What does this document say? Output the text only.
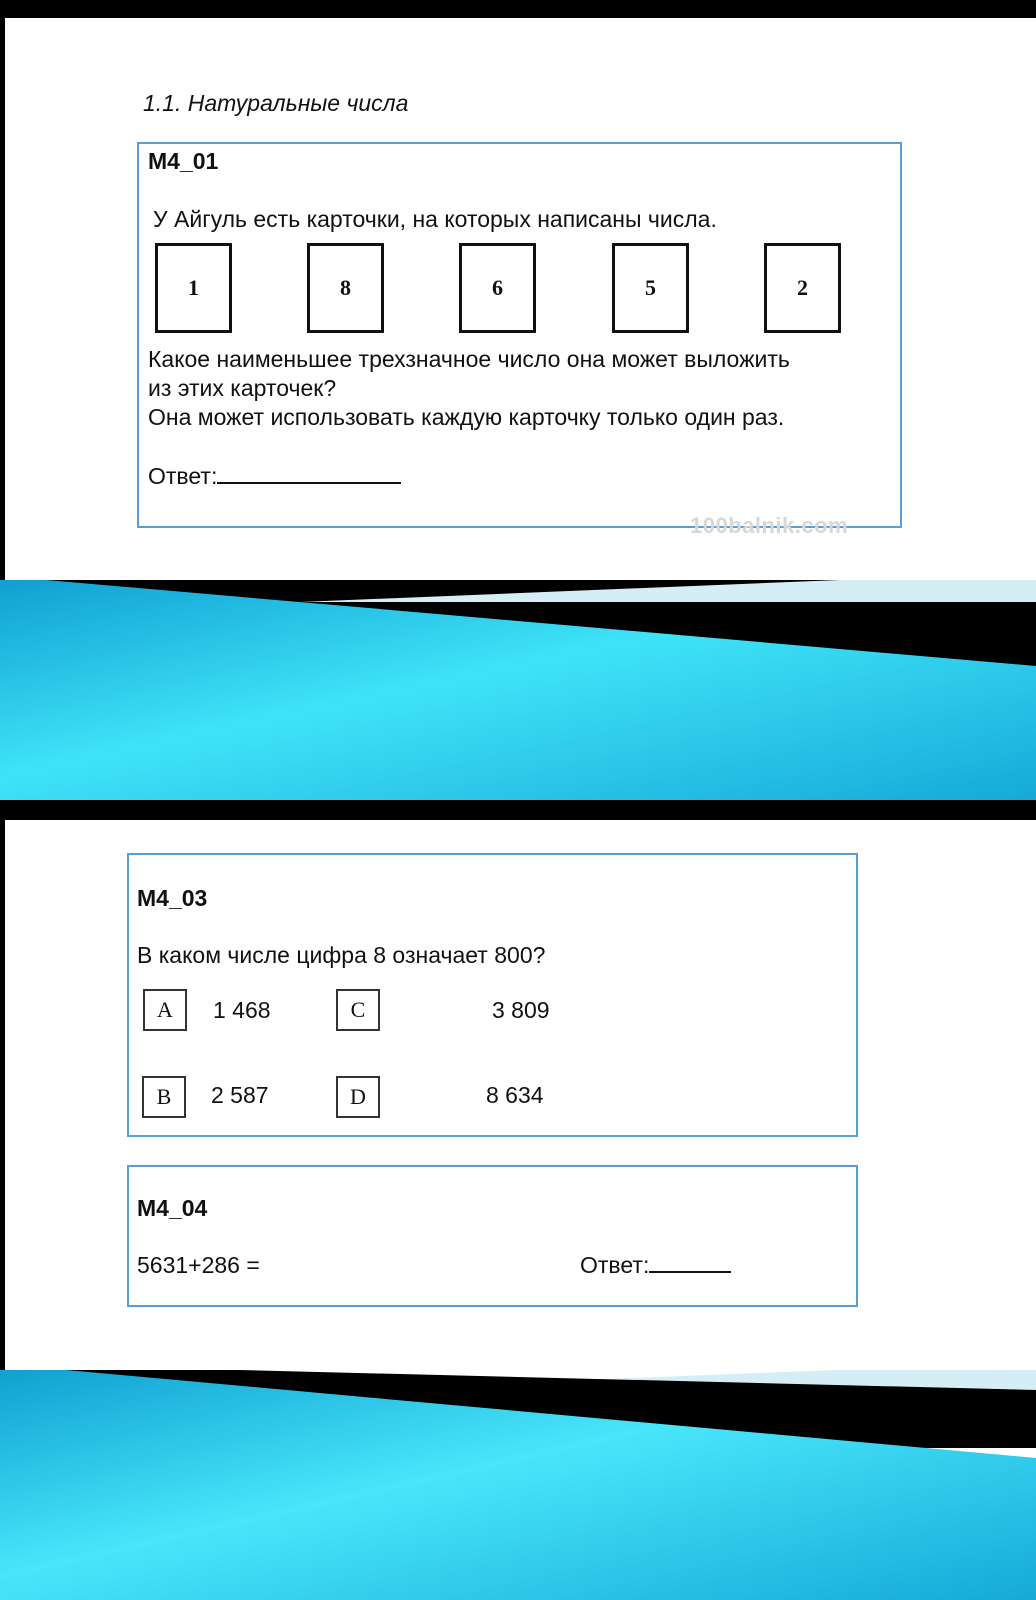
1.1. Натуральные числа

M4_01
У Айгуль есть карточки, на которых написаны числа.
1	8	6	5	2
Какое наименьшее трехзначное число она может выложить
из этих карточек?
Она может использовать каждую карточку только один раз.
Ответ:
100balnik.com
M4_03
В каком числе цифра 8 означает 800?
A	1 468	C	3 809
B	2 587	D	8 634
M4_04
5631+286 =	Ответ:
